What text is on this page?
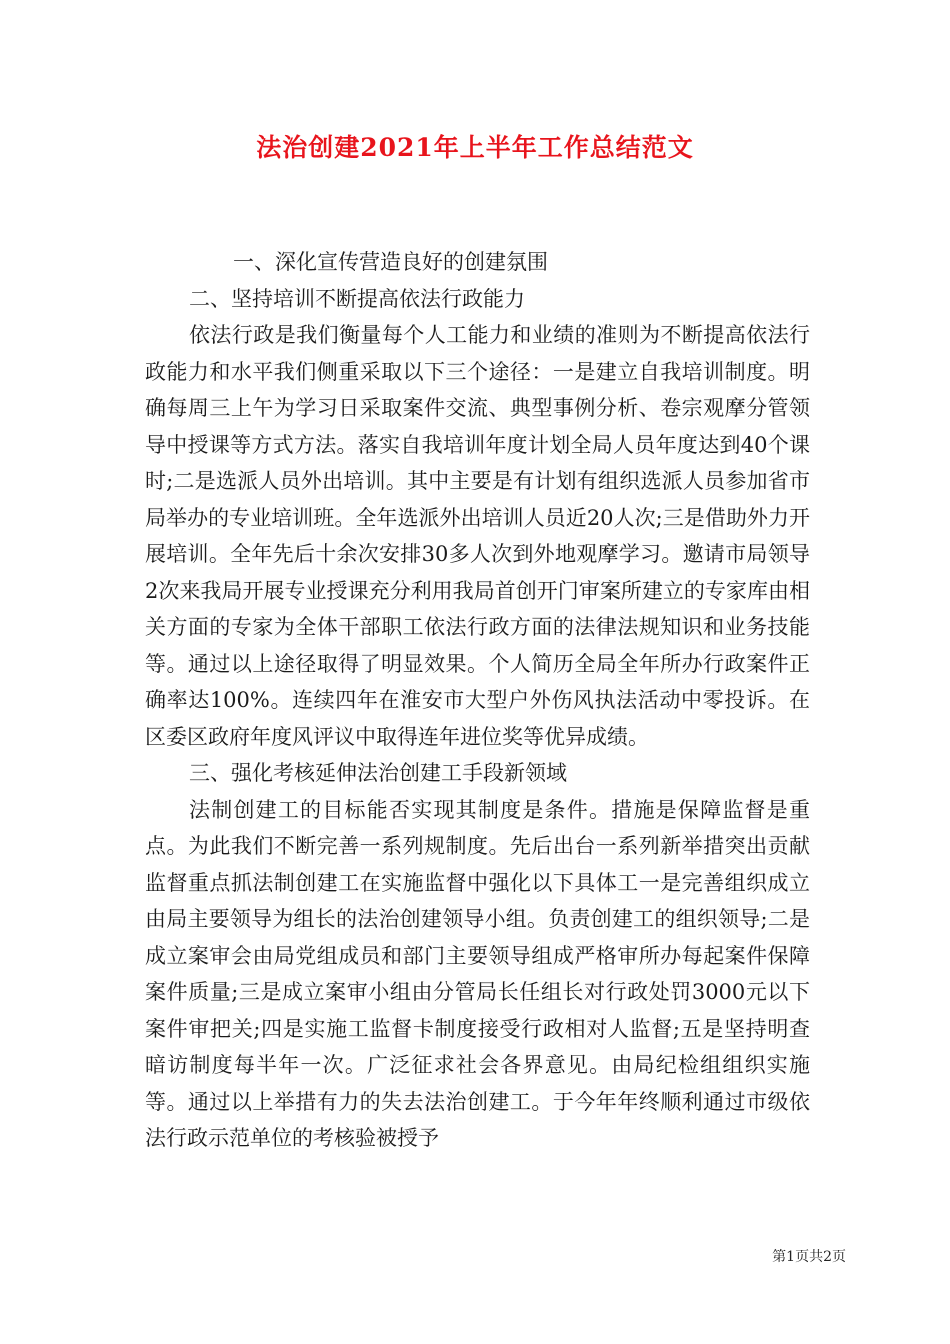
法治创建2021年上半年工作总结范文

一、深化宣传营造良好的创建氛围

二、坚持培训不断提高依法行政能力

依法行政是我们衡量每个人工能力和业绩的准则为不断提高依法行政能力和水平我们侧重采取以下三个途径：一是建立自我培训制度。明确每周三上午为学习日采取案件交流、典型事例分析、卷宗观摩分管领导中授课等方式方法。落实自我培训年度计划全局人员年度达到40个课时;二是选派人员外出培训。其中主要是有计划有组织选派人员参加省市局举办的专业培训班。全年选派外出培训人员近20人次;三是借助外力开展培训。全年先后十余次安排30多人次到外地观摩学习。邀请市局领导2次来我局开展专业授课充分利用我局首创开门审案所建立的专家库由相关方面的专家为全体干部职工依法行政方面的法律法规知识和业务技能等。通过以上途径取得了明显效果。个人简历全局全年所办行政案件正确率达100%。连续四年在淮安市大型户外伤风执法活动中零投诉。在区委区政府年度风评议中取得连年进位奖等优异成绩。

三、强化考核延伸法治创建工手段新领域

法制创建工的目标能否实现其制度是条件。措施是保障监督是重点。为此我们不断完善一系列规制度。先后出台一系列新举措突出贡献监督重点抓法制创建工在实施监督中强化以下具体工一是完善组织成立由局主要领导为组长的法治创建领导小组。负责创建工的组织领导;二是成立案审会由局党组成员和部门主要领导组成严格审所办每起案件保障案件质量;三是成立案审小组由分管局长任组长对行政处罚3000元以下案件审把关;四是实施工监督卡制度接受行政相对人监督;五是坚持明查暗访制度每半年一次。广泛征求社会各界意见。由局纪检组组织实施等。通过以上举措有力的失去法治创建工。于今年年终顺利通过市级依法行政示范单位的考核验被授予

第1页共2页
